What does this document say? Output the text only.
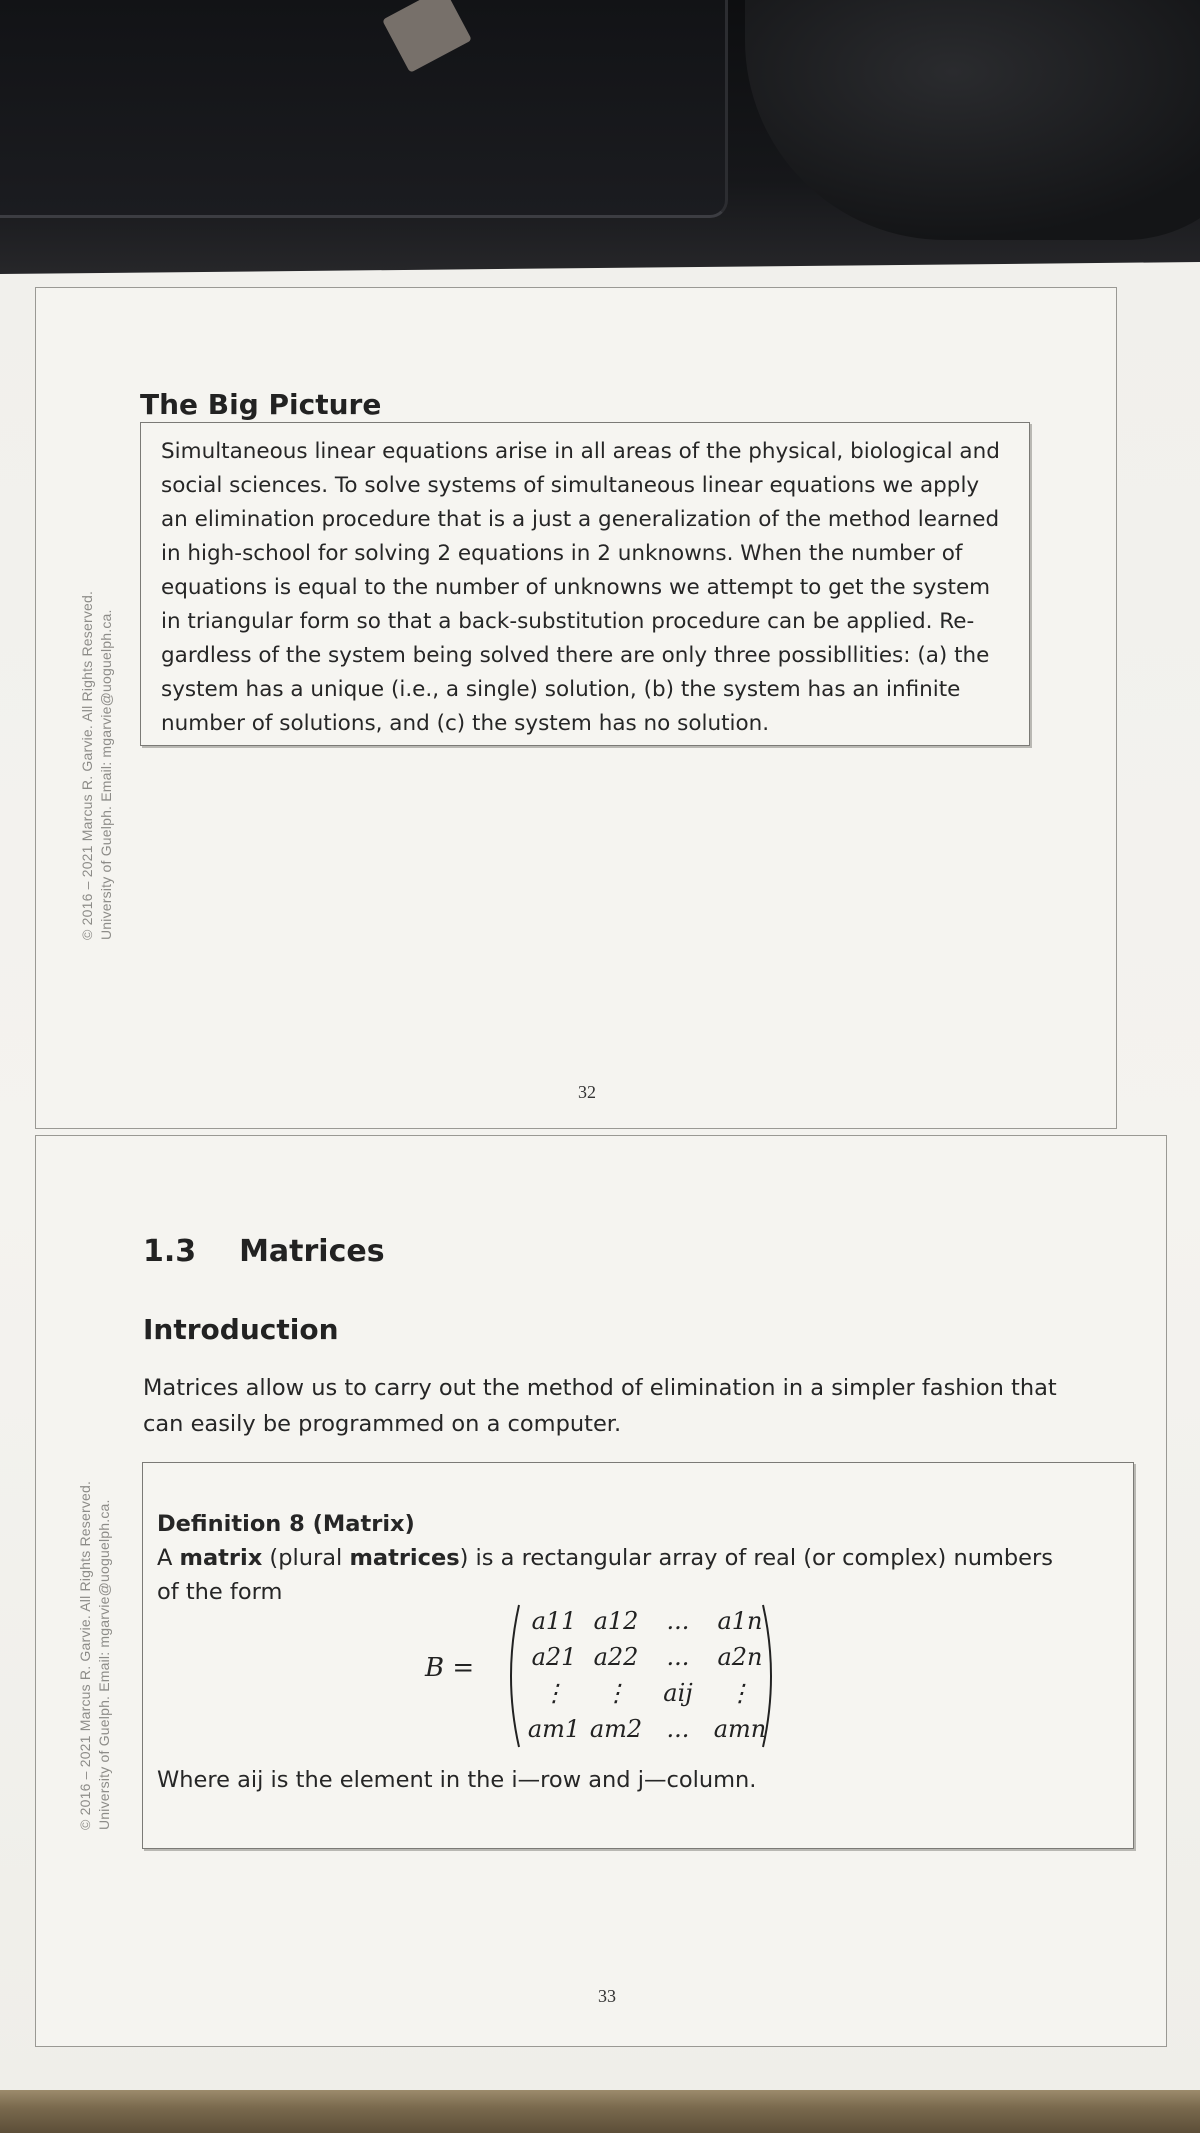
© 2016 – 2021 Marcus R. Garvie. All Rights Reserved. University of Guelph. Email: mgarvie@uoguelph.ca.
The Big Picture
Simultaneous linear equations arise in all areas of the physical, biological and
social sciences. To solve systems of simultaneous linear equations we apply
an elimination procedure that is a just a generalization of the method learned
in high-school for solving 2 equations in 2 unknowns. When the number of
equations is equal to the number of unknowns we attempt to get the system
in triangular form so that a back-substitution procedure can be applied. Re-
gardless of the system being solved there are only three possibllities: (a) the
system has a unique (i.e., a single) solution, (b) the system has an infinite
number of solutions, and (c) the system has no solution.
32
© 2016 – 2021 Marcus R. Garvie. All Rights Reserved. University of Guelph. Email: mgarvie@uoguelph.ca.
1.3 Matrices
Introduction
Matrices allow us to carry out the method of elimination in a simpler fashion that
can easily be programmed on a computer.
Definition 8 (Matrix)
A matrix (plural matrices) is a rectangular array of real (or complex) numbers
of the form
B =
a11 a12	...	a1n
a21 a22	...	a2n
⋮	⋮	aij	⋮
am1 am2	...	amn
Where aij is the element in the i—row and j—column.
33
